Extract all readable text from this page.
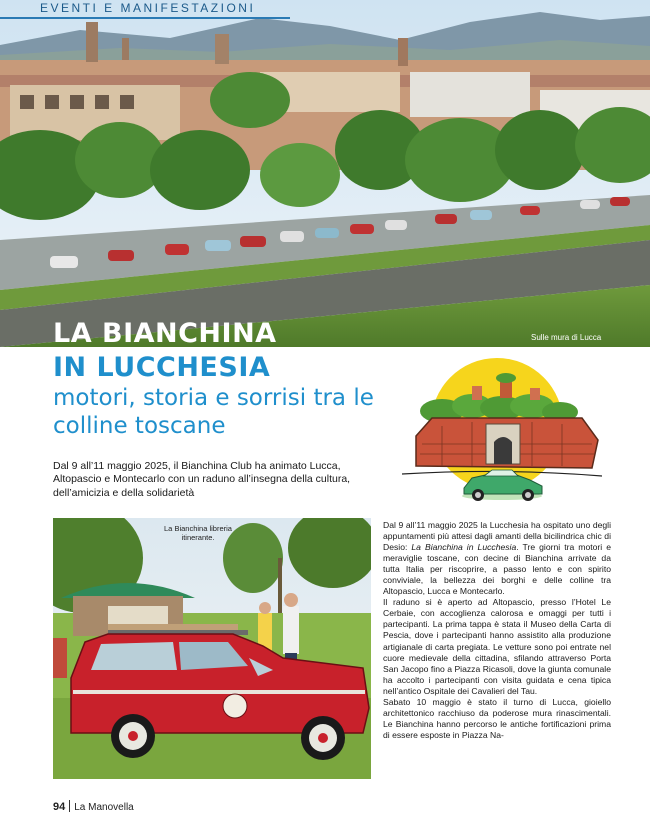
EVENTI E MANIFESTAZIONI
Sulle mura di Lucca
LA BIANCHINA
IN LUCCHESIA
motori, storia e sorrisi tra le colline toscane
Dal 9 all’11 maggio 2025, il Bianchina Club ha animato Lucca, Altopascio e Montecarlo con un raduno all’insegna della cultura, dell’amicizia e della solidarietà
La Bianchina libreria itinerante.

Dal 9 all’11 maggio 2025 la Lucchesia ha ospitato uno degli appuntamenti più attesi dagli amanti della bicilindrica chic di Desio: La Bianchina in Lucchesia. Tre giorni tra motori e meraviglie toscane, con decine di Bianchina arrivate da tutta Italia per riscoprire, a passo lento e con spirito conviviale, la bellezza dei borghi e delle colline tra Altopascio, Lucca e Montecarlo.

Il raduno si è aperto ad Altopascio, presso l’Hotel Le Cerbaie, con accoglienza calorosa e omaggi per tutti i partecipanti. La prima tappa è stata il Museo della Carta di Pescia, dove i partecipanti hanno assistito alla produzione artigianale di carta pregiata. Le vetture sono poi entrate nel cuore medievale della cittadina, sfilando attraverso Porta San Jacopo fino a Piazza Ricasoli, dove la giunta comunale ha accolto i partecipanti con visita guidata e cena tipica nell’antico Ospitale dei Cavalieri del Tau.

Sabato 10 maggio è stato il turno di Lucca, gioiello architettonico racchiuso da poderose mura rinascimentali. Le Bianchina hanno percorso le antiche fortificazioni prima di essere esposte in Piazza Na-

94 La Manovella
